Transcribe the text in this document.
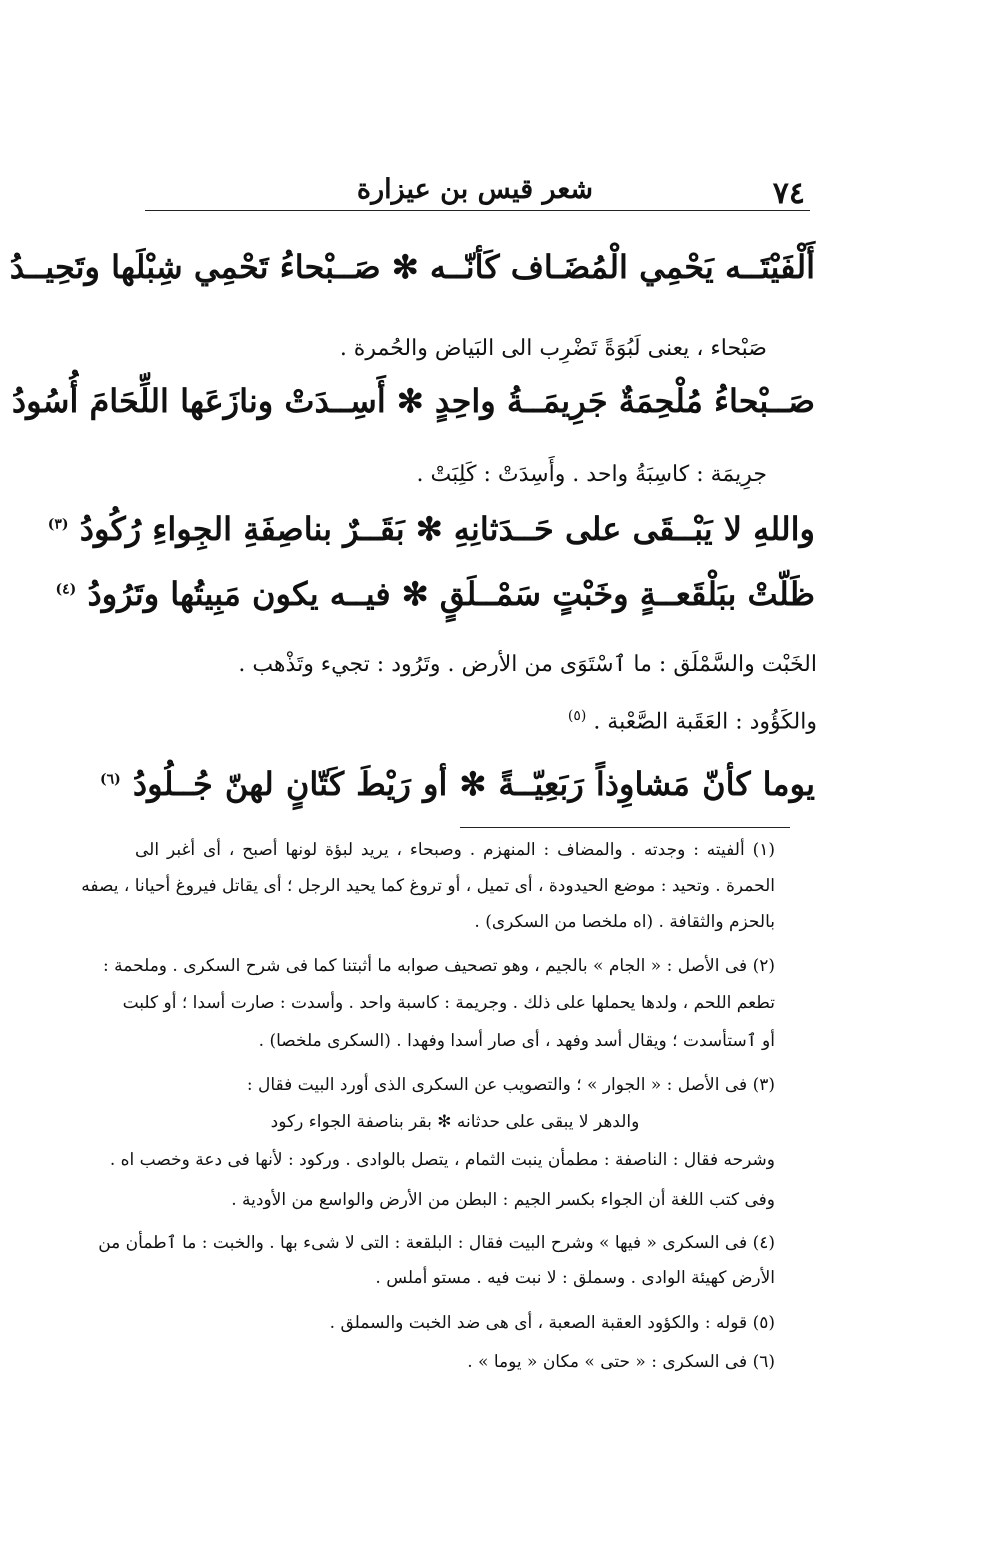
٧٤
شعر قيس بن عيزارة
أَلْفَيْتَــه يَحْمِي الْمُضَـاف كَأنّــه ✻ صَــبْحاءُ تَحْمِي شِبْلَها وتَحِيــدُ
صَبْحاء ، يعنى لَبُوَةً تَضْرِب الى البَياض والحُمرة .
صَــبْحاءُ مُلْحِمَةٌ جَرِيمَــةُ واحِدٍ ✻ أَسِــدَتْ ونازَعَها اللِّحَامَ أُسُودُ
جرِيمَة : كاسِبَةُ واحد . وأَسِدَتْ : كَلِبَتْ .
واللهِ لا يَبْــقَى على حَــدَثانِهِ ✻ بَقَــرٌ بناصِفَةِ الجِواءِ رُكُودُ $^{(٣)}$
ظَلّتْ ببَلْقَعــةٍ وخَبْتٍ سَمْــلَقٍ ✻ فيــه يكون مَبِيتُها وتَرُودُ $^{(٤)}$
الخَبْت والسَّمْلَق : ما ٱسْتَوَى من الأرض . وتَرُود : تجيء وتَذْهب .
والكَؤُود : العَقَبة الصَّعْبة . $^{(٥)}$
يوما كأنّ مَشاوِذاً رَبَعِيّــةً ✻ أو رَيْطَ كَتّانٍ لهنّ جُــلُودُ $^{(٦)}$
(١) ألفيته : وجدته . والمضاف : المنهزم . وصبحاء ، يريد لبؤة لونها أصبح ، أى أغبر الى
الحمرة . وتحيد : موضع الحيدودة ، أى تميل ، أو تروغ كما يحيد الرجل ؛ أى يقاتل فيروغ أحيانا ، يصفه
بالحزم والثقافة . (اه ملخصا من السكرى) .
(٢) فى الأصل : « الجام » بالجيم ، وهو تصحيف صوابه ما أثبتنا كما فى شرح السكرى . وملحمة :
تطعم اللحم ، ولدها يحملها على ذلك . وجريمة : كاسبة واحد . وأسدت : صارت أسدا ؛ أو كلبت
أو ٱستأسدت ؛ ويقال أسد وفهد ، أى صار أسدا وفهدا . (السكرى ملخصا) .
(٣) فى الأصل : « الجوار » ؛ والتصويب عن السكرى الذى أورد البيت فقال :
والدهر لا يبقى على حدثانه ✻ بقر بناصفة الجواء ركود
وشرحه فقال : الناصفة : مطمأن ينبت الثمام ، يتصل بالوادى . وركود : لأنها فى دعة وخصب اه .
وفى كتب اللغة أن الجواء بكسر الجيم : البطن من الأرض والواسع من الأودية .
(٤) فى السكرى « فيها » وشرح البيت فقال : البلقعة : التى لا شىء بها . والخبت : ما ٱطمأن من
الأرض كهيئة الوادى . وسملق : لا نبت فيه . مستو أملس .
(٥) قوله : والكؤود العقبة الصعبة ، أى هى ضد الخبت والسملق .
(٦) فى السكرى : « حتى » مكان « يوما » .
